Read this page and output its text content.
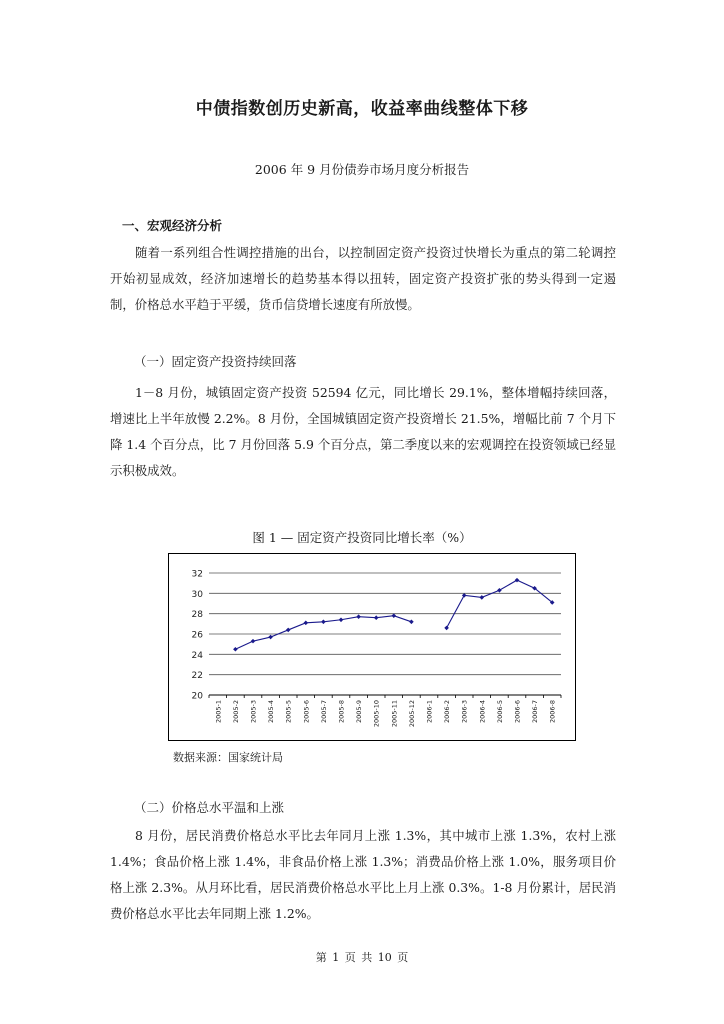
中债指数创历史新高，收益率曲线整体下移
2006 年 9 月份债券市场月度分析报告
一、宏观经济分析

随着一系列组合性调控措施的出台，以控制固定资产投资过快增长为重点的第二轮调控开始初显成效，经济加速增长的趋势基本得以扭转，固定资产投资扩张的势头得到一定遏制，价格总水平趋于平缓，货币信贷增长速度有所放慢。

（一）固定资产投资持续回落

1－8 月份，城镇固定资产投资 52594 亿元，同比增长 29.1%，整体增幅持续回落，增速比上半年放慢 2.2%。8 月份，全国城镇固定资产投资增长 21.5%，增幅比前 7 个月下降 1.4 个百分点，比 7 月份回落 5.9 个百分点，第二季度以来的宏观调控在投资领域已经显示积极成效。

图 1 — 固定资产投资同比增长率（%）
20
22
24
26
28
30
32
2005-1 2005-2 2005-3 2005-4 2005-5 2005-6 2005-7 2005-8 2005-9 2005-10 2005-11 2005-12 2006-1 2006-2 2006-3 2006-4 2006-5 2006-6 2006-7 2006-8
数据来源：国家统计局
（二）价格总水平温和上涨

8 月份，居民消费价格总水平比去年同月上涨 1.3%，其中城市上涨 1.3%，农村上涨 1.4%；食品价格上涨 1.4%，非食品价格上涨 1.3%；消费品价格上涨 1.0%，服务项目价格上涨 2.3%。从月环比看，居民消费价格总水平比上月上涨 0.3%。1-8 月份累计，居民消费价格总水平比去年同期上涨 1.2%。

第 1 页 共 10 页
